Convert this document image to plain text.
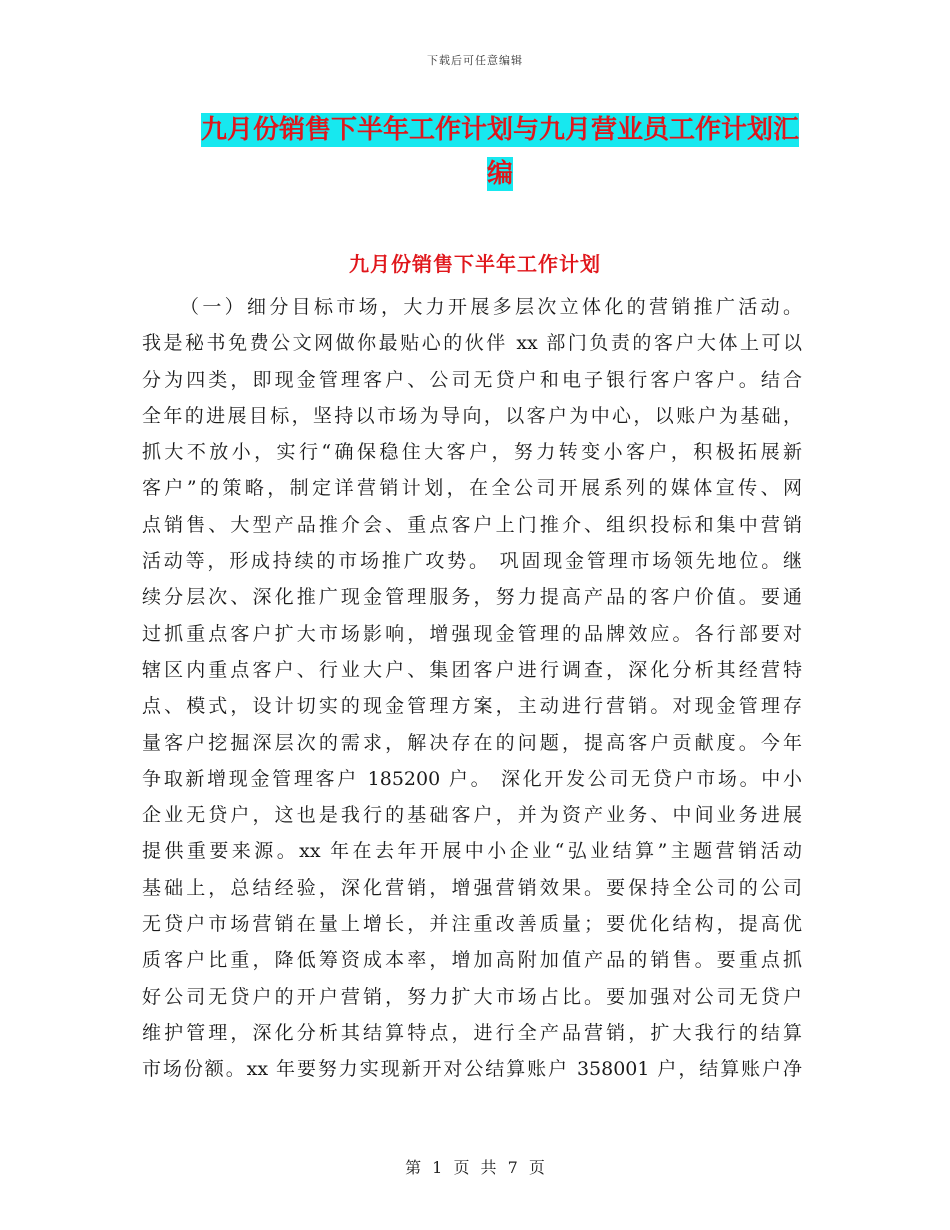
下载后可任意编辑
九月份销售下半年工作计划与九月营业员工作计划汇
编
九月份销售下半年工作计划
（一）细分目标市场，大力开展多层次立体化的营销推广活动。
我是秘书免费公文网做你最贴心的伙伴 xx 部门负责的客户大体上可以
分为四类，即现金管理客户、公司无贷户和电子银行客户客户。结合
全年的进展目标，坚持以市场为导向，以客户为中心，以账户为基础，
抓大不放小，实行“确保稳住大客户，努力转变小客户，积极拓展新
客户”的策略，制定详营销计划，在全公司开展系列的媒体宣传、网
点销售、大型产品推介会、重点客户上门推介、组织投标和集中营销
活动等，形成持续的市场推广攻势。 巩固现金管理市场领先地位。继
续分层次、深化推广现金管理服务，努力提高产品的客户价值。要通
过抓重点客户扩大市场影响，增强现金管理的品牌效应。各行部要对
辖区内重点客户、行业大户、集团客户进行调查，深化分析其经营特
点、模式，设计切实的现金管理方案，主动进行营销。对现金管理存
量客户挖掘深层次的需求，解决存在的问题，提高客户贡献度。今年
争取新增现金管理客户 185200 户。 深化开发公司无贷户市场。中小
企业无贷户，这也是我行的基础客户，并为资产业务、中间业务进展
提供重要来源。xx 年在去年开展中小企业“弘业结算”主题营销活动
基础上，总结经验，深化营销，增强营销效果。要保持全公司的公司
无贷户市场营销在量上增长，并注重改善质量；要优化结构，提高优
质客户比重，降低筹资成本率，增加高附加值产品的销售。要重点抓
好公司无贷户的开户营销，努力扩大市场占比。要加强对公司无贷户
维护管理，深化分析其结算特点，进行全产品营销，扩大我行的结算
市场份额。xx 年要努力实现新开对公结算账户 358001 户，结算账户净
第 1 页 共 7 页
